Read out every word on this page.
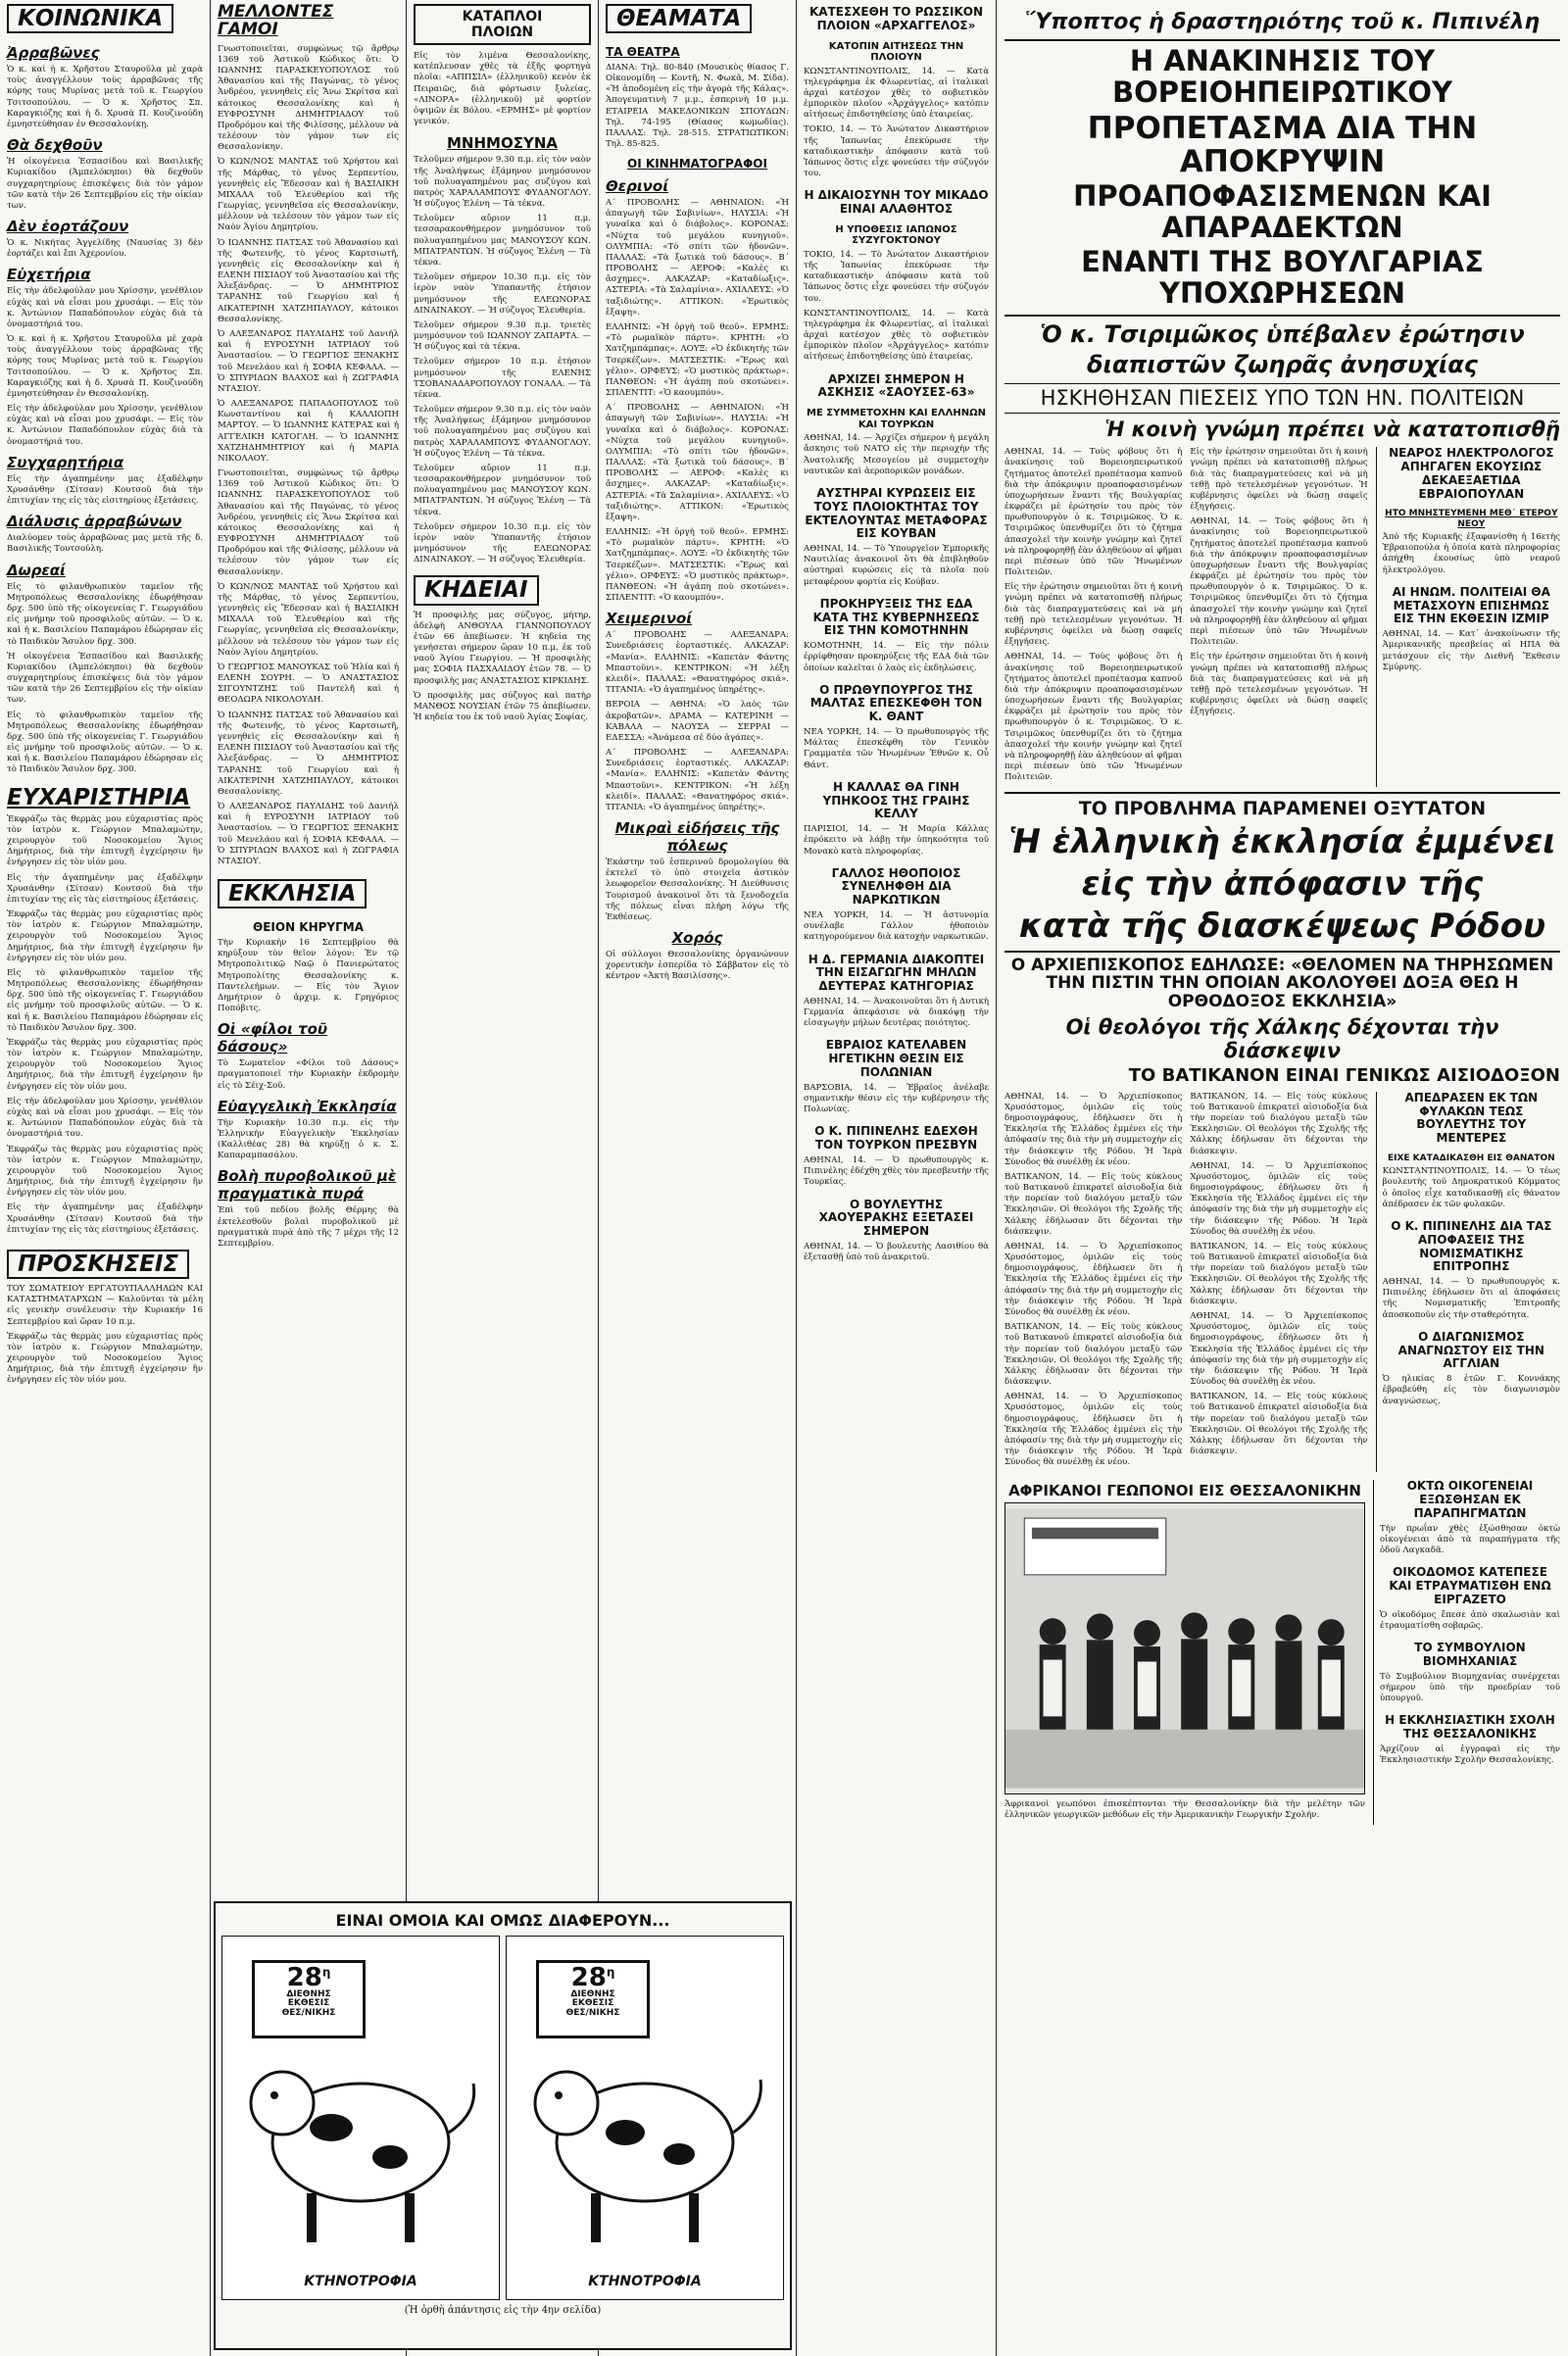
ΚΟΙΝΩΝΙΚΑ
Ἀρραβῶνες

Ὁ κ. καὶ ἡ κ. Χρῆστου Σταυροῦλα μὲ χαρὰ τοὺς ἀναγγέλλουν τοὺς ἀρραβῶνας τῆς κόρης τους Μυρίνας μετὰ τοῦ κ. Γεωργίου Τσιτσοπούλου. — Ὁ κ. Χρῆστος Σπ. Καραγκιόζης καὶ ἡ δ. Χρυσὰ Π. Κουζινούδη ἐμνηστεύθησαν ἐν Θεσσαλονίκῃ.

Θὰ δεχθοῦν

Ἡ οἰκογένεια Ἐσπασίδου καὶ Βασιλικῆς Κυριακίδου (Ἀμπελόκηποι) θὰ δεχθοῦν συγχαρητηρίους ἐπισκέψεις διὰ τὸν γάμον τῶν κατὰ τὴν 26 Σεπτεμβρίου εἰς τὴν οἰκίαν των.

Δὲν ἑορτάζουν

Ὁ κ. Νικήτας Ἀγγελίδης (Ναυσίας 3) δὲν ἑορτάζει καὶ ἔπι Ἀχερονίου.

Εὐχετήρια

Εἰς τὴν ἀδελφούλαν μου Χρίσσην, γενέθλιον εὐχὰς καὶ νὰ εἶσαι μου χρυσάφι. — Εἰς τὸν κ. Ἀντώνιον Παπαδόπουλον εὐχὰς διὰ τὰ ὀνομαστήριά του.

Ὁ κ. καὶ ἡ κ. Χρῆστου Σταυροῦλα μὲ χαρὰ τοὺς ἀναγγέλλουν τοὺς ἀρραβῶνας τῆς κόρης τους Μυρίνας μετὰ τοῦ κ. Γεωργίου Τσιτσοπούλου. — Ὁ κ. Χρῆστος Σπ. Καραγκιόζης καὶ ἡ δ. Χρυσὰ Π. Κουζινούδη ἐμνηστεύθησαν ἐν Θεσσαλονίκῃ.

Εἰς τὴν ἀδελφούλαν μου Χρίσσην, γενέθλιον εὐχὰς καὶ νὰ εἶσαι μου χρυσάφι. — Εἰς τὸν κ. Ἀντώνιον Παπαδόπουλον εὐχὰς διὰ τὰ ὀνομαστήριά του.

Συγχαρητήρια

Εἰς τὴν ἀγαπημένην μας ἐξαδέλφην Χρυσάνθην (Σίτσαν) Κουτσοῦ διὰ τὴν ἐπιτυχίαν της εἰς τὰς εἰσιτηρίους ἐξετάσεις.

Διάλυσις ἀρραβώνων

Διαλύομεν τοὺς ἀρραβῶνας μας μετὰ τῆς δ. Βασιλικῆς Τουτσούλη.

Δωρεαί

Εἰς τὸ φιλανθρωπικὸν ταμεῖον τῆς Μητροπόλεως Θεσσαλονίκης ἐδωρήθησαν δρχ. 500 ὑπὸ τῆς οἰκογενείας Γ. Γεωργιάδου εἰς μνήμην τοῦ προσφιλοῦς αὐτῶν. — Ὁ κ. καὶ ἡ κ. Βασιλείου Παπαμάρου ἐδώρησαν εἰς τὸ Παιδικὸν Ἄσυλον δρχ. 300.

Ἡ οἰκογένεια Ἐσπασίδου καὶ Βασιλικῆς Κυριακίδου (Ἀμπελόκηποι) θὰ δεχθοῦν συγχαρητηρίους ἐπισκέψεις διὰ τὸν γάμον τῶν κατὰ τὴν 26 Σεπτεμβρίου εἰς τὴν οἰκίαν των.

Εἰς τὸ φιλανθρωπικὸν ταμεῖον τῆς Μητροπόλεως Θεσσαλονίκης ἐδωρήθησαν δρχ. 500 ὑπὸ τῆς οἰκογενείας Γ. Γεωργιάδου εἰς μνήμην τοῦ προσφιλοῦς αὐτῶν. — Ὁ κ. καὶ ἡ κ. Βασιλείου Παπαμάρου ἐδώρησαν εἰς τὸ Παιδικὸν Ἄσυλον δρχ. 300.

ΕΥΧΑΡΙΣΤΗΡΙΑ

Ἐκφράζω τὰς θερμὰς μου εὐχαριστίας πρὸς τὸν ἰατρὸν κ. Γεώργιον Μπαλαμώτην, χειρουργὸν τοῦ Νοσοκομείου Ἅγιος Δημήτριος, διὰ τὴν ἐπιτυχῆ ἐγχείρησιν ἣν ἐνήργησεν εἰς τὸν υἱόν μου.

Εἰς τὴν ἀγαπημένην μας ἐξαδέλφην Χρυσάνθην (Σίτσαν) Κουτσοῦ διὰ τὴν ἐπιτυχίαν της εἰς τὰς εἰσιτηρίους ἐξετάσεις.

Ἐκφράζω τὰς θερμὰς μου εὐχαριστίας πρὸς τὸν ἰατρὸν κ. Γεώργιον Μπαλαμώτην, χειρουργὸν τοῦ Νοσοκομείου Ἅγιος Δημήτριος, διὰ τὴν ἐπιτυχῆ ἐγχείρησιν ἣν ἐνήργησεν εἰς τὸν υἱόν μου.

Εἰς τὸ φιλανθρωπικὸν ταμεῖον τῆς Μητροπόλεως Θεσσαλονίκης ἐδωρήθησαν δρχ. 500 ὑπὸ τῆς οἰκογενείας Γ. Γεωργιάδου εἰς μνήμην τοῦ προσφιλοῦς αὐτῶν. — Ὁ κ. καὶ ἡ κ. Βασιλείου Παπαμάρου ἐδώρησαν εἰς τὸ Παιδικὸν Ἄσυλον δρχ. 300.

Ἐκφράζω τὰς θερμὰς μου εὐχαριστίας πρὸς τὸν ἰατρὸν κ. Γεώργιον Μπαλαμώτην, χειρουργὸν τοῦ Νοσοκομείου Ἅγιος Δημήτριος, διὰ τὴν ἐπιτυχῆ ἐγχείρησιν ἣν ἐνήργησεν εἰς τὸν υἱόν μου.

Εἰς τὴν ἀδελφούλαν μου Χρίσσην, γενέθλιον εὐχὰς καὶ νὰ εἶσαι μου χρυσάφι. — Εἰς τὸν κ. Ἀντώνιον Παπαδόπουλον εὐχὰς διὰ τὰ ὀνομαστήριά του.

Ἐκφράζω τὰς θερμὰς μου εὐχαριστίας πρὸς τὸν ἰατρὸν κ. Γεώργιον Μπαλαμώτην, χειρουργὸν τοῦ Νοσοκομείου Ἅγιος Δημήτριος, διὰ τὴν ἐπιτυχῆ ἐγχείρησιν ἣν ἐνήργησεν εἰς τὸν υἱόν μου.

Εἰς τὴν ἀγαπημένην μας ἐξαδέλφην Χρυσάνθην (Σίτσαν) Κουτσοῦ διὰ τὴν ἐπιτυχίαν της εἰς τὰς εἰσιτηρίους ἐξετάσεις.

ΠΡΟΣΚΗΣΕΙΣ

ΤΟΥ ΣΩΜΑΤΕΙΟΥ ΕΡΓΑΤΟΥΠΑΛΛΗΛΩΝ ΚΑΙ ΚΑΤΑΣΤΗΜΑΤΑΡΧΩΝ — Καλοῦνται τὰ μέλη εἰς γενικὴν συνέλευσιν τὴν Κυριακήν 16 Σεπτεμβρίου καὶ ὥραν 10 π.μ.

Ἐκφράζω τὰς θερμὰς μου εὐχαριστίας πρὸς τὸν ἰατρὸν κ. Γεώργιον Μπαλαμώτην, χειρουργὸν τοῦ Νοσοκομείου Ἅγιος Δημήτριος, διὰ τὴν ἐπιτυχῆ ἐγχείρησιν ἣν ἐνήργησεν εἰς τὸν υἱόν μου.

ΜΕΛΛΟΝΤΕΣ ΓΑΜΟΙ

Γνωστοποιεῖται, συμφώνως τῷ ἄρθρῳ 1369 τοῦ Ἀστικοῦ Κώδικος ὅτι: Ὁ ΙΩΑΝΝΗΣ ΠΑΡΑΣΚΕΥΟΠΟΥΛΟΣ τοῦ Ἀθανασίου καὶ τῆς Παγώνας, τὸ γένος Ἀνδρέου, γεννηθεὶς εἰς Ἄνω Σκρίτσα καὶ κάτοικος Θεσσαλονίκης καὶ ἡ ΕΥΦΡΟΣΥΝΗ ΔΗΜΗΤΡΙΑΔΟΥ τοῦ Προδρόμου καὶ τῆς Φιλίσσης, μέλλουν νὰ τελέσουν τὸν γάμον των εἰς Θεσσαλονίκην.

Ὁ ΚΩΝ/ΝΟΣ ΜΑΝΤΑΣ τοῦ Χρήστου καὶ τῆς Μάρθας, τὸ γένος Σερπεντίου, γεννηθεὶς εἰς Ἔδεσσαν καὶ ἡ ΒΑΣΙΛΙΚΗ ΜΙΧΑΛΑ τοῦ Ἐλευθερίου καὶ τῆς Γεωργίας, γεννηθεῖσα εἰς Θεσσαλονίκην, μέλλουν νὰ τελέσουν τὸν γάμον των εἰς Ναὸν Ἁγίου Δημητρίου.

Ὁ ΙΩΑΝΝΗΣ ΠΑΤΣΑΣ τοῦ Ἀθανασίου καὶ τῆς Φωτεινῆς, τὸ γένος Καρτσιωτῆ, γεννηθεὶς εἰς Θεσσαλονίκην καὶ ἡ ΕΛΕΝΗ ΠΙΣΙΔΟΥ τοῦ Ἀναστασίου καὶ τῆς Ἀλεξάνδρας. — Ὁ ΔΗΜΗΤΡΙΟΣ ΤΑΡΑΝΗΣ τοῦ Γεωργίου καὶ ἡ ΑΙΚΑΤΕΡΙΝΗ ΧΑΤΖΗΠΑΥΛΟΥ, κάτοικοι Θεσσαλονίκης.

Ὁ ΑΛΕΞΑΝΔΡΟΣ ΠΑΥΛΙΔΗΣ τοῦ Δανιήλ καὶ ἡ ΕΥΡΟΣΥΝΗ ΙΑΤΡΙΔΟΥ τοῦ Ἀναστασίου. — Ὁ ΓΕΩΡΓΙΟΣ ΞΕΝΑΚΗΣ τοῦ Μενελάου καὶ ἡ ΣΟΦΙΑ ΚΕΦΑΛΑ. — Ὁ ΣΠΥΡΙΔΩΝ ΒΛΑΧΟΣ καὶ ἡ ΖΩΓΡΑΦΙΑ ΝΤΑΣΙΟΥ.

Ὁ ΑΛΕΞΑΝΔΡΟΣ ΠΑΠΑΔΟΠΟΥΛΟΣ τοῦ Κωνσταντίνου καὶ ἡ ΚΑΛΛΙΟΠΗ ΜΑΡΤΟΥ. — Ὁ ΙΩΑΝΝΗΣ ΚΑΤΕΡΑΣ καὶ ἡ ΑΓΓΕΛΙΚΗ ΚΑΤΟΓΛΗ. — Ὁ ΙΩΑΝΝΗΣ ΧΑΤΖΗΔΗΜΗΤΡΙΟΥ καὶ ἡ ΜΑΡΙΑ ΝΙΚΟΛΑΟΥ.

Γνωστοποιεῖται, συμφώνως τῷ ἄρθρῳ 1369 τοῦ Ἀστικοῦ Κώδικος ὅτι: Ὁ ΙΩΑΝΝΗΣ ΠΑΡΑΣΚΕΥΟΠΟΥΛΟΣ τοῦ Ἀθανασίου καὶ τῆς Παγώνας, τὸ γένος Ἀνδρέου, γεννηθεὶς εἰς Ἄνω Σκρίτσα καὶ κάτοικος Θεσσαλονίκης καὶ ἡ ΕΥΦΡΟΣΥΝΗ ΔΗΜΗΤΡΙΑΔΟΥ τοῦ Προδρόμου καὶ τῆς Φιλίσσης, μέλλουν νὰ τελέσουν τὸν γάμον των εἰς Θεσσαλονίκην.

Ὁ ΚΩΝ/ΝΟΣ ΜΑΝΤΑΣ τοῦ Χρήστου καὶ τῆς Μάρθας, τὸ γένος Σερπεντίου, γεννηθεὶς εἰς Ἔδεσσαν καὶ ἡ ΒΑΣΙΛΙΚΗ ΜΙΧΑΛΑ τοῦ Ἐλευθερίου καὶ τῆς Γεωργίας, γεννηθεῖσα εἰς Θεσσαλονίκην, μέλλουν νὰ τελέσουν τὸν γάμον των εἰς Ναὸν Ἁγίου Δημητρίου.

Ὁ ΓΕΩΡΓΙΟΣ ΜΑΝΟΥΚΑΣ τοῦ Ἡλία καὶ ἡ ΕΛΕΝΗ ΣΟΥΡΗ. — Ὁ ΑΝΑΣΤΑΣΙΟΣ ΣΙΓΟΥΝΤΖΗΣ τοῦ Παντελῆ καὶ ἡ ΘΕΟΔΩΡΑ ΝΙΚΟΛΟΥΔΗ.

Ὁ ΙΩΑΝΝΗΣ ΠΑΤΣΑΣ τοῦ Ἀθανασίου καὶ τῆς Φωτεινῆς, τὸ γένος Καρτσιωτῆ, γεννηθεὶς εἰς Θεσσαλονίκην καὶ ἡ ΕΛΕΝΗ ΠΙΣΙΔΟΥ τοῦ Ἀναστασίου καὶ τῆς Ἀλεξάνδρας. — Ὁ ΔΗΜΗΤΡΙΟΣ ΤΑΡΑΝΗΣ τοῦ Γεωργίου καὶ ἡ ΑΙΚΑΤΕΡΙΝΗ ΧΑΤΖΗΠΑΥΛΟΥ, κάτοικοι Θεσσαλονίκης.

Ὁ ΑΛΕΞΑΝΔΡΟΣ ΠΑΥΛΙΔΗΣ τοῦ Δανιήλ καὶ ἡ ΕΥΡΟΣΥΝΗ ΙΑΤΡΙΔΟΥ τοῦ Ἀναστασίου. — Ὁ ΓΕΩΡΓΙΟΣ ΞΕΝΑΚΗΣ τοῦ Μενελάου καὶ ἡ ΣΟΦΙΑ ΚΕΦΑΛΑ. — Ὁ ΣΠΥΡΙΔΩΝ ΒΛΑΧΟΣ καὶ ἡ ΖΩΓΡΑΦΙΑ ΝΤΑΣΙΟΥ.

ΕΚΚΛΗΣΙΑ
ΘΕΙΟΝ ΚΗΡΥΓΜΑ

Τὴν Κυριακὴν 16 Σεπτεμβρίου θὰ κηρύξουν τὸν θεῖον λόγον: Ἐν τῷ Μητροπολιτικῷ Ναῷ ὁ Πανιερώτατος Μητροπολίτης Θεσσαλονίκης κ. Παντελεήμων. — Εἰς τὸν Ἅγιον Δημήτριον ὁ ἀρχιμ. κ. Γρηγόριος Ποπόβιτς.

Οἱ «φίλοι τοῦ δάσους»

Τὸ Σωματεῖον «Φίλοι τοῦ Δάσους» πραγματοποιεῖ τὴν Κυριακὴν ἐκδρομὴν εἰς τὸ Σέιχ-Σοῦ.

Εὐαγγελικὴ Ἐκκλησία

Τὴν Κυριακὴν 10.30 π.μ. εἰς τὴν Ἑλληνικὴν Εὐαγγελικὴν Ἐκκλησίαν (Καλλιθέας 28) θὰ κηρύξῃ ὁ κ. Σ. Καπαραμπασάλου.

Βολὴ πυροβολικοῦ μὲ πραγματικὰ πυρά

Ἐπὶ τοῦ πεδίου βολῆς Θέρμης θὰ ἐκτελεσθοῦν βολαὶ πυροβολικοῦ μὲ πραγματικὰ πυρὰ ἀπὸ τῆς 7 μέχρι τῆς 12 Σεπτεμβρίου.

ΚΑΤΑΠΛΟΙ
ΠΛΟΙΩΝ

Εἰς τὸν λιμένα Θεσσαλονίκης, κατέπλευσαν χθὲς τὰ ἑξῆς φορτηγὰ πλοῖα: «ΑΠΠΣΙΛ» (ἑλληνικοῦ) κενὸν ἐκ Πειραιῶς, διὰ φόρτωσιν ξυλείας. «ΛΙΝΟΡΑ» (ἑλληνικοῦ) μὲ φορτίον ὀψιμῶν ἐκ Βόλου. «ΕΡΜΗΣ» μὲ φορτίον γενικόν.

ΜΝΗΜΟΣΥΝΑ

Τελοῦμεν σήμερον 9.30 π.μ. εἰς τὸν ναὸν τῆς Ἀναλήψεως ἐξάμηνον μνημόσυνον τοῦ πολυαγαπημένου μας συζύγου καὶ πατρὸς ΧΑΡΑΛΑΜΠΟΥΣ ΦΥΔΑΝΟΓΛΟΥ. Ἡ σύζυγος Ἑλένη — Τὰ τέκνα.

Τελοῦμεν αὔριον 11 π.μ. τεσσαρακονθήμερον μνημόσυνον τοῦ πολυαγαπημένου μας ΜΑΝΟΥΣΟΥ ΚΩΝ. ΜΠΑΤΡΑΝΤΩΝ. Ἡ σύζυγος Ἑλένη — Τὰ τέκνα.

Τελοῦμεν σήμερον 10.30 π.μ. εἰς τὸν ἱερὸν ναὸν Ὑπαπαντῆς ἐτήσιον μνημόσυνον τῆς ΕΛΕΩΝΟΡΑΣ ΔΙΝΑΙΝΑΚΟΥ. — Ἡ σύζυγος Ἐλευθερία.

Τελοῦμεν σήμερον 9.30 π.μ. τριετὲς μνημόσυνον τοῦ ΙΩΑΝΝΟΥ ΖΑΠΑΡΤΑ. — Ἡ σύζυγος καὶ τὰ τέκνα.

Τελοῦμεν σήμερον 10 π.μ. ἐτήσιον μνημόσυνον τῆς ΕΛΕΝΗΣ ΤΣΟΒΑΝΑΔΑΡΟΠΟΥΛΟΥ ΓΟΝΑΛΑ. — Τὰ τέκνα.

Τελοῦμεν σήμερον 9.30 π.μ. εἰς τὸν ναὸν τῆς Ἀναλήψεως ἐξάμηνον μνημόσυνον τοῦ πολυαγαπημένου μας συζύγου καὶ πατρὸς ΧΑΡΑΛΑΜΠΟΥΣ ΦΥΔΑΝΟΓΛΟΥ. Ἡ σύζυγος Ἑλένη — Τὰ τέκνα.

Τελοῦμεν αὔριον 11 π.μ. τεσσαρακονθήμερον μνημόσυνον τοῦ πολυαγαπημένου μας ΜΑΝΟΥΣΟΥ ΚΩΝ. ΜΠΑΤΡΑΝΤΩΝ. Ἡ σύζυγος Ἑλένη — Τὰ τέκνα.

Τελοῦμεν σήμερον 10.30 π.μ. εἰς τὸν ἱερὸν ναὸν Ὑπαπαντῆς ἐτήσιον μνημόσυνον τῆς ΕΛΕΩΝΟΡΑΣ ΔΙΝΑΙΝΑΚΟΥ. — Ἡ σύζυγος Ἐλευθερία.

ΚΗΔΕΙΑΙ

Ἡ προσφιλὴς μας σύζυγος, μήτηρ, ἀδελφὴ ΑΝΘΟΥΛΑ ΓΙΑΝΝΟΠΟΥΛΟΥ ἐτῶν 66 ἀπεβίωσεν. Ἡ κηδεία της γενήσεται σήμερον ὥραν 10 π.μ. ἐκ τοῦ ναοῦ Ἁγίου Γεωργίου. — Ἡ προσφιλὴς μας ΣΟΦΙΑ ΠΑΣΧΑΛΙΔΟΥ ἐτῶν 78. — Ὁ προσφιλὴς μας ΑΝΑΣΤΑΣΙΟΣ ΚΙΡΚΙΔΗΣ.

Ὁ προσφιλὴς μας σύζυγος καὶ πατὴρ ΜΑΝΘΟΣ ΝΟΥΣΙΑΝ ἐτῶν 75 ἀπεβίωσεν. Ἡ κηδεία του ἐκ τοῦ ναοῦ Ἁγίας Σοφίας.

ΘΕΑΜΑΤΑ
ΤΑ ΘΕΑΤΡΑ

ΔΙΑΝΑ: Τηλ. 80-840 (Μουσικὸς θίασος Γ. Οἰκονομίδη — Κοντῆ, Ν. Φωκᾶ, Μ. Σίδα). «Ἡ ἀποδομένη εἰς τὴν ἀγορὰ τῆς Κάλας». Ἀπογευματινὴ 7 μ.μ., ἑσπερινὴ 10 μ.μ. ΕΤΑΙΡΕΙΑ ΜΑΚΕΔΟΝΙΚΩΝ ΣΠΟΥΔΩΝ: Τηλ. 74-195 (Θίασος κωμωδίας). ΠΑΛΛΑΣ: Τηλ. 28-515. ΣΤΡΑΤΙΩΤΙΚΟΝ: Τηλ. 85-825.

ΟΙ ΚΙΝΗΜΑΤΟΓΡΑΦΟΙ
Θερινοί

Α΄ ΠΡΟΒΟΛΗΣ — ΑΘΗΝΑΙΟΝ: «Ἡ ἀπαγωγὴ τῶν Σαβινίων». ΗΛΥΣΙΑ: «Ἡ γυναῖκα καὶ ὁ διάβολος». ΚΟΡΟΝΑΣ: «Νύχτα τοῦ μεγάλου κυνηγιοῦ». ΟΛΥΜΠΙΑ: «Τὸ σπίτι τῶν ἠδονῶν». ΠΑΛΛΑΣ: «Τὰ ξωτικὰ τοῦ δάσους». Β΄ ΠΡΟΒΟΛΗΣ — ΑΕΡΟΦ: «Καλὲς κι ἄσχημες». ΑΛΚΑΖΑΡ: «Καταδίωξις». ΑΣΤΕΡΙΑ: «Τὰ Σαλαμίνια». ΑΧΙΛΛΕΥΣ: «Ὁ ταξιδιώτης». ΑΤΤΙΚΟΝ: «Ἐρωτικὸς ἔξαψη».

ΕΛΛΗΝΙΣ: «Ἡ ὀργὴ τοῦ θεοῦ». ΕΡΜΗΣ: «Τὸ ρωμαϊκὸν πάρτυ». ΚΡΗΤΗ: «Ὁ Χατζημπάμπας». ΛΟΥΞ: «Ὁ ἐκδικητὴς τῶν Τσερκέζων». ΜΑΤΣΕΣΤΙΚ: «Ἔρως καὶ γέλιο». ΟΡΦΕΥΣ: «Ὁ μυστικὸς πράκτωρ». ΠΑΝΘΕΟΝ: «Ἡ ἀγάπη ποὺ σκοτώνει». ΣΠΛΕΝΤΙΤ: «Ὁ καουμπόυ».

Α΄ ΠΡΟΒΟΛΗΣ — ΑΘΗΝΑΙΟΝ: «Ἡ ἀπαγωγὴ τῶν Σαβινίων». ΗΛΥΣΙΑ: «Ἡ γυναῖκα καὶ ὁ διάβολος». ΚΟΡΟΝΑΣ: «Νύχτα τοῦ μεγάλου κυνηγιοῦ». ΟΛΥΜΠΙΑ: «Τὸ σπίτι τῶν ἠδονῶν». ΠΑΛΛΑΣ: «Τὰ ξωτικὰ τοῦ δάσους». Β΄ ΠΡΟΒΟΛΗΣ — ΑΕΡΟΦ: «Καλὲς κι ἄσχημες». ΑΛΚΑΖΑΡ: «Καταδίωξις». ΑΣΤΕΡΙΑ: «Τὰ Σαλαμίνια». ΑΧΙΛΛΕΥΣ: «Ὁ ταξιδιώτης». ΑΤΤΙΚΟΝ: «Ἐρωτικὸς ἔξαψη».

ΕΛΛΗΝΙΣ: «Ἡ ὀργὴ τοῦ θεοῦ». ΕΡΜΗΣ: «Τὸ ρωμαϊκὸν πάρτυ». ΚΡΗΤΗ: «Ὁ Χατζημπάμπας». ΛΟΥΞ: «Ὁ ἐκδικητὴς τῶν Τσερκέζων». ΜΑΤΣΕΣΤΙΚ: «Ἔρως καὶ γέλιο». ΟΡΦΕΥΣ: «Ὁ μυστικὸς πράκτωρ». ΠΑΝΘΕΟΝ: «Ἡ ἀγάπη ποὺ σκοτώνει». ΣΠΛΕΝΤΙΤ: «Ὁ καουμπόυ».

Χειμερινοί

Α΄ ΠΡΟΒΟΛΗΣ — ΑΛΕΞΑΝΔΡΑ: Συνεδριάσεις ἑορταστικές. ΑΛΚΑΖΑΡ: «Μανία». ΕΛΛΗΝΙΣ: «Καπετὰν Φάντης Μπαστοῦνι». ΚΕΝΤΡΙΚΟΝ: «Ἡ λέξη κλειδί». ΠΑΛΛΑΣ: «Θανατηφόρος σκιά». ΤΙΤΑΝΙΑ: «Ὁ ἀγαπημένος ὑπηρέτης».

ΒΕΡΟΙΑ — ΑΘΗΝΑ: «Ὁ λαὸς τῶν ἀκροβατῶν». ΔΡΑΜΑ — ΚΑΤΕΡΙΝΗ — ΚΑΒΑΛΑ — ΝΑΟΥΣΑ — ΣΕΡΡΑΙ — ΕΔΕΣΣΑ: «Ἀνάμεσα σὲ δύο ἀγάπες».

Α΄ ΠΡΟΒΟΛΗΣ — ΑΛΕΞΑΝΔΡΑ: Συνεδριάσεις ἑορταστικές. ΑΛΚΑΖΑΡ: «Μανία». ΕΛΛΗΝΙΣ: «Καπετὰν Φάντης Μπαστοῦνι». ΚΕΝΤΡΙΚΟΝ: «Ἡ λέξη κλειδί». ΠΑΛΛΑΣ: «Θανατηφόρος σκιά». ΤΙΤΑΝΙΑ: «Ὁ ἀγαπημένος ὑπηρέτης».

Μικραὶ εἰδήσεις τῆς πόλεως

Ἐκάστην τοῦ ἑσπερινοῦ δρομολογίου θὰ ἐκτελεῖ τὸ ὑπὸ στοιχεῖα ἀστικὸν λεωφορεῖον Θεσσαλονίκης. Ἡ Διεύθυνσις Τουρισμοῦ ἀνακοινοῖ ὅτι τὰ ξενοδοχεῖα τῆς πόλεως εἶναι πλήρη λόγω τῆς Ἐκθέσεως.

Χορός

Οἱ σύλλογοι Θεσσαλονίκης ὀργανώνουν χορευτικὴν ἑσπερίδα τὸ Σάββατον εἰς τὸ κέντρον «Ἀκτὴ Βασιλίσσης».

ΕΙΝΑΙ ΟΜΟΙΑ ΚΑΙ ΟΜΩΣ ΔΙΑΦΕΡΟΥΝ...
$28^\eta$
ΔΙΕΘΝΗΣ
ΕΚΘΕΣΙΣ
ΘΕΣ/ΝΙΚΗΣ
ΚΤΗΝΟΤΡΟΦΙΑ
$28^\eta$
ΔΙΕΘΝΗΣ
ΕΚΘΕΣΙΣ
ΘΕΣ/ΝΙΚΗΣ
ΚΤΗΝΟΤΡΟΦΙΑ
(Ἡ ὀρθὴ ἀπάντησις εἰς τὴν 4ην σελίδα)
ΚΑΤΕΣΧΕΘΗ ΤΟ ΡΩΣΣΙΚΟΝ ΠΛΟΙΟΝ «ΑΡΧΑΓΓΕΛΟΣ»
ΚΑΤΟΠΙΝ ΑΙΤΗΣΕΩΣ ΤΗΝ ΠΛΟΙΟΥΝ

ΚΩΝΣΤΑΝΤΙΝΟΥΠΟΛΙΣ, 14. — Κατὰ τηλεγράφημα ἐκ Φλωρεντίας, αἱ ἰταλικαὶ ἀρχαὶ κατέσχον χθὲς τὸ σοβιετικὸν ἐμπορικὸν πλοῖον «Ἀρχάγγελος» κατόπιν αἰτήσεως ἐπιδοτηθείσης ὑπὸ ἑταιρείας.

ΤΟΚΙΟ, 14. — Τὸ Ἀνώτατον Δικαστήριον τῆς Ἰαπωνίας ἐπεκύρωσε τὴν καταδικαστικὴν ἀπόφασιν κατὰ τοῦ Ἰάπωνος ὅστις εἶχε φονεύσει τὴν σύζυγόν του.

Η ΔΙΚΑΙΟΣΥΝΗ ΤΟΥ ΜΙΚΑΔΟ ΕΙΝΑΙ ΑΛΑΘΗΤΟΣ
Η ΥΠΟΘΕΣΙΣ ΙΑΠΩΝΟΣ ΣΥΖΥΓΟΚΤΟΝΟΥ

ΤΟΚΙΟ, 14. — Τὸ Ἀνώτατον Δικαστήριον τῆς Ἰαπωνίας ἐπεκύρωσε τὴν καταδικαστικὴν ἀπόφασιν κατὰ τοῦ Ἰάπωνος ὅστις εἶχε φονεύσει τὴν σύζυγόν του.

ΚΩΝΣΤΑΝΤΙΝΟΥΠΟΛΙΣ, 14. — Κατὰ τηλεγράφημα ἐκ Φλωρεντίας, αἱ ἰταλικαὶ ἀρχαὶ κατέσχον χθὲς τὸ σοβιετικὸν ἐμπορικὸν πλοῖον «Ἀρχάγγελος» κατόπιν αἰτήσεως ἐπιδοτηθείσης ὑπὸ ἑταιρείας.

ΑΡΧΙΖΕΙ ΣΗΜΕΡΟΝ Η ΑΣΚΗΣΙΣ «ΣΑΟΥΣΕΣ-63»
ΜΕ ΣΥΜΜΕΤΟΧΗΝ ΚΑΙ ΕΛΛΗΝΩΝ ΚΑΙ ΤΟΥΡΚΩΝ

ΑΘΗΝΑΙ, 14. — Ἀρχίζει σήμερον ἡ μεγάλη ἄσκησις τοῦ ΝΑΤΟ εἰς τὴν περιοχὴν τῆς Ἀνατολικῆς Μεσογείου μὲ συμμετοχὴν ναυτικῶν καὶ ἀεροπορικῶν μονάδων.

ΑΥΣΤΗΡΑΙ ΚΥΡΩΣΕΙΣ ΕΙΣ ΤΟΥΣ ΠΛΟΙΟΚΤΗΤΑΣ ΤΟΥ ΕΚΤΕΛΟΥΝΤΑΣ ΜΕΤΑΦΟΡΑΣ ΕΙΣ ΚΟΥΒΑΝ

ΑΘΗΝΑΙ, 14. — Τὸ Ὑπουργεῖον Ἐμπορικῆς Ναυτιλίας ἀνακοινοῖ ὅτι θὰ ἐπιβληθοῦν αὐστηραὶ κυρώσεις εἰς τὰ πλοῖα ποὺ μεταφέρουν φορτία εἰς Κούβαν.

ΠΡΟΚΗΡΥΞΕΙΣ ΤΗΣ ΕΔΑ ΚΑΤΑ ΤΗΣ ΚΥΒΕΡΝΗΣΕΩΣ ΕΙΣ ΤΗΝ ΚΟΜΟΤΗΝΗΝ

ΚΟΜΟΤΗΝΗ, 14. — Εἰς τὴν πόλιν ἐρρίφθησαν προκηρύξεις τῆς ΕΔΑ διὰ τῶν ὁποίων καλεῖται ὁ λαὸς εἰς ἐκδηλώσεις.

Ο ΠΡΩΘΥΠΟΥΡΓΟΣ ΤΗΣ ΜΑΛΤΑΣ ΕΠΕΣΚΕΦΘΗ ΤΟΝ Κ. ΘΑΝΤ

ΝΕΑ ΥΟΡΚΗ, 14. — Ὁ πρωθυπουργὸς τῆς Μάλτας ἐπεσκέφθη τὸν Γενικὸν Γραμματέα τῶν Ἡνωμένων Ἐθνῶν κ. Οὖ Θάντ.

Η ΚΑΛΛΑΣ ΘΑ ΓΙΝΗ ΥΠΗΚΟΟΣ ΤΗΣ ΓΡΑΙΗΣ ΚΕΛΛΥ

ΠΑΡΙΣΙΟΙ, 14. — Ἡ Μαρία Κάλλας ἐπρόκειτο νὰ λάβῃ τὴν ὑπηκοότητα τοῦ Μονακὸ κατὰ πληροφορίας.

ΓΑΛΛΟΣ ΗΘΟΠΟΙΟΣ ΣΥΝΕΛΗΦΘΗ ΔΙΑ ΝΑΡΚΩΤΙΚΩΝ

ΝΕΑ ΥΟΡΚΗ, 14. — Ἡ ἀστυνομία συνέλαβε Γάλλον ἠθοποιὸν κατηγορούμενον διὰ κατοχὴν ναρκωτικῶν.

Η Δ. ΓΕΡΜΑΝΙΑ ΔΙΑΚΟΠΤΕΙ ΤΗΝ ΕΙΣΑΓΩΓΗΝ ΜΗΛΩΝ ΔΕΥΤΕΡΑΣ ΚΑΤΗΓΟΡΙΑΣ

ΑΘΗΝΑΙ, 14. — Ἀνακοινοῦται ὅτι ἡ Δυτικὴ Γερμανία ἀπεφάσισε νὰ διακόψῃ τὴν εἰσαγωγὴν μήλων δευτέρας ποιότητος.

ΕΒΡΑΙΟΣ ΚΑΤΕΛΑΒΕΝ ΗΓΕΤΙΚΗΝ ΘΕΣΙΝ ΕΙΣ ΠΟΛΩΝΙΑΝ

ΒΑΡΣΟΒΙΑ, 14. — Ἐβραῖος ἀνέλαβε σημαντικὴν θέσιν εἰς τὴν κυβέρνησιν τῆς Πολωνίας.

Ο Κ. ΠΙΠΙΝΕΛΗΣ ΕΔΕΧΘΗ ΤΟΝ ΤΟΥΡΚΟΝ ΠΡΕΣΒΥΝ

ΑΘΗΝΑΙ, 14. — Ὁ πρωθυπουργὸς κ. Πιπινέλης ἐδέχθη χθὲς τὸν πρεσβευτὴν τῆς Τουρκίας.

Ο ΒΟΥΛΕΥΤΗΣ ΧΑΟΥΕΡΑΚΗΣ ΕΞΕΤΑΣΕΙ ΣΗΜΕΡΟΝ

ΑΘΗΝΑΙ, 14. — Ὁ βουλευτὴς Λασιθίου θὰ ἐξετασθῇ ὑπὸ τοῦ ἀνακριτοῦ.

Ὕποπτος ἡ δραστηριότης τοῦ κ. Πιπινέλη
Η ΑΝΑΚΙΝΗΣΙΣ ΤΟΥ ΒΟΡΕΙΟΗΠΕΙΡΩΤΙΚΟΥ
ΠΡΟΠΕΤΑΣΜΑ ΔΙΑ ΤΗΝ ΑΠΟΚΡΥΨΙΝ
ΠΡΟΑΠΟΦΑΣΙΣΜΕΝΩΝ ΚΑΙ ΑΠΑΡΑΔΕΚΤΩΝ
ΕΝΑΝΤΙ ΤΗΣ ΒΟΥΛΓΑΡΙΑΣ ΥΠΟΧΩΡΗΣΕΩΝ
Ὁ κ. Τσιριμῶκος ὑπέβαλεν ἐρώτησιν
διαπιστῶν ζωηρᾶς ἀνησυχίας
ΗΣΚΗΘΗΣΑΝ ΠΙΕΣΕΙΣ ΥΠΟ ΤΩΝ ΗΝ. ΠΟΛΙΤΕΙΩΝ
Ἡ κοινὴ γνώμη πρέπει νὰ κατατοπισθῇ

ΑΘΗΝΑΙ, 14. — Τοὺς φόβους ὅτι ἡ ἀνακίνησις τοῦ Βορειοηπειρωτικοῦ ζητήματος ἀποτελεῖ προπέτασμα καπνοῦ διὰ τὴν ἀπόκρυψιν προαποφασισμένων ὑποχωρήσεων ἔναντι τῆς Βουλγαρίας ἐκφράζει μὲ ἐρώτησίν του πρὸς τὸν πρωθυπουργὸν ὁ κ. Τσιριμῶκος. Ὁ κ. Τσιριμῶκος ὑπενθυμίζει ὅτι τὸ ζήτημα ἀπασχολεῖ τὴν κοινὴν γνώμην καὶ ζητεῖ νὰ πληροφορηθῇ ἐὰν ἀληθεύουν αἱ φῆμαι περὶ πιέσεων ὑπὸ τῶν Ἡνωμένων Πολιτειῶν.

Εἰς τὴν ἐρώτησιν σημειοῦται ὅτι ἡ κοινὴ γνώμη πρέπει νὰ κατατοπισθῇ πλήρως διὰ τὰς διαπραγματεύσεις καὶ νὰ μὴ τεθῇ πρὸ τετελεσμένων γεγονότων. Ἡ κυβέρνησις ὀφείλει νὰ δώσῃ σαφεῖς ἐξηγήσεις.

ΑΘΗΝΑΙ, 14. — Τοὺς φόβους ὅτι ἡ ἀνακίνησις τοῦ Βορειοηπειρωτικοῦ ζητήματος ἀποτελεῖ προπέτασμα καπνοῦ διὰ τὴν ἀπόκρυψιν προαποφασισμένων ὑποχωρήσεων ἔναντι τῆς Βουλγαρίας ἐκφράζει μὲ ἐρώτησίν του πρὸς τὸν πρωθυπουργὸν ὁ κ. Τσιριμῶκος. Ὁ κ. Τσιριμῶκος ὑπενθυμίζει ὅτι τὸ ζήτημα ἀπασχολεῖ τὴν κοινὴν γνώμην καὶ ζητεῖ νὰ πληροφορηθῇ ἐὰν ἀληθεύουν αἱ φῆμαι περὶ πιέσεων ὑπὸ τῶν Ἡνωμένων Πολιτειῶν.

Εἰς τὴν ἐρώτησιν σημειοῦται ὅτι ἡ κοινὴ γνώμη πρέπει νὰ κατατοπισθῇ πλήρως διὰ τὰς διαπραγματεύσεις καὶ νὰ μὴ τεθῇ πρὸ τετελεσμένων γεγονότων. Ἡ κυβέρνησις ὀφείλει νὰ δώσῃ σαφεῖς ἐξηγήσεις.

ΑΘΗΝΑΙ, 14. — Τοὺς φόβους ὅτι ἡ ἀνακίνησις τοῦ Βορειοηπειρωτικοῦ ζητήματος ἀποτελεῖ προπέτασμα καπνοῦ διὰ τὴν ἀπόκρυψιν προαποφασισμένων ὑποχωρήσεων ἔναντι τῆς Βουλγαρίας ἐκφράζει μὲ ἐρώτησίν του πρὸς τὸν πρωθυπουργὸν ὁ κ. Τσιριμῶκος. Ὁ κ. Τσιριμῶκος ὑπενθυμίζει ὅτι τὸ ζήτημα ἀπασχολεῖ τὴν κοινὴν γνώμην καὶ ζητεῖ νὰ πληροφορηθῇ ἐὰν ἀληθεύουν αἱ φῆμαι περὶ πιέσεων ὑπὸ τῶν Ἡνωμένων Πολιτειῶν.

Εἰς τὴν ἐρώτησιν σημειοῦται ὅτι ἡ κοινὴ γνώμη πρέπει νὰ κατατοπισθῇ πλήρως διὰ τὰς διαπραγματεύσεις καὶ νὰ μὴ τεθῇ πρὸ τετελεσμένων γεγονότων. Ἡ κυβέρνησις ὀφείλει νὰ δώσῃ σαφεῖς ἐξηγήσεις.

ΝΕΑΡΟΣ ΗΛΕΚΤΡΟΛΟΓΟΣ ΑΠΗΓΑΓΕΝ ΕΚΟΥΣΙΩΣ ΔΕΚΑΕΞΑΕΤΙΔΑ ΕΒΡΑΙΟΠΟΥΛΑΝ
ΗΤΟ ΜΝΗΣΤΕΥΜΕΝΗ ΜΕΘ᾽ ΕΤΕΡΟΥ ΝΕΟΥ

Ἀπὸ τῆς Κυριακῆς ἐξαφανίσθη ἡ 16ετὴς Ἑβραιοπούλα ἡ ὁποία κατὰ πληροφορίας ἀπήχθη ἑκουσίως ὑπὸ νεαροῦ ἠλεκτρολόγου.

ΑΙ ΗΝΩΜ. ΠΟΛΙΤΕΙΑΙ ΘΑ ΜΕΤΑΣΧΟΥΝ ΕΠΙΣΗΜΩΣ ΕΙΣ ΤΗΝ ΕΚΘΕΣΙΝ ΙΖΜΙΡ

ΑΘΗΝΑΙ, 14. — Κατ᾽ ἀνακοίνωσιν τῆς Ἀμερικανικῆς πρεσβείας αἱ ΗΠΑ θὰ μετάσχουν εἰς τὴν Διεθνῆ Ἔκθεσιν Σμύρνης.

ΤΟ ΠΡΟΒΛΗΜΑ ΠΑΡΑΜΕΝΕΙ ΟΞΥΤΑΤΟΝ
Ἡ ἑλληνικὴ ἐκκλησία ἐμμένει
εἰς τὴν ἀπόφασιν τῆς
κατὰ τῆς διασκέψεως Ρόδου
Ο ΑΡΧΙΕΠΙΣΚΟΠΟΣ ΕΔΗΛΩΣΕ: «ΘΕΛΟΜΕΝ ΝΑ ΤΗΡΗΣΩΜΕΝ ΤΗΝ ΠΙΣΤΙΝ ΤΗΝ ΟΠΟΙΑΝ ΑΚΟΛΟΥΘΕΙ ΔΟΞΑ ΘΕΩ Η ΟΡΘΟΔΟΞΟΣ ΕΚΚΛΗΣΙΑ»
Οἱ θεολόγοι τῆς Χάλκης δέχονται τὴν διάσκεψιν
ΤΟ ΒΑΤΙΚΑΝΟΝ ΕΙΝΑΙ ΓΕΝΙΚΩΣ ΑΙΣΙΟΔΟΞΟΝ

ΑΘΗΝΑΙ, 14. — Ὁ Ἀρχιεπίσκοπος Χρυσόστομος, ὁμιλῶν εἰς τοὺς δημοσιογράφους, ἐδήλωσεν ὅτι ἡ Ἐκκλησία τῆς Ἑλλάδος ἐμμένει εἰς τὴν ἀπόφασίν της διὰ τὴν μὴ συμμετοχὴν εἰς τὴν διάσκεψιν τῆς Ρόδου. Ἡ Ἱερὰ Σύνοδος θὰ συνέλθῃ ἐκ νέου.

ΒΑΤΙΚΑΝΟΝ, 14. — Εἰς τοὺς κύκλους τοῦ Βατικανοῦ ἐπικρατεῖ αἰσιοδοξία διὰ τὴν πορείαν τοῦ διαλόγου μεταξὺ τῶν Ἐκκλησιῶν. Οἱ θεολόγοι τῆς Σχολῆς τῆς Χάλκης ἐδήλωσαν ὅτι δέχονται τὴν διάσκεψιν.

ΑΘΗΝΑΙ, 14. — Ὁ Ἀρχιεπίσκοπος Χρυσόστομος, ὁμιλῶν εἰς τοὺς δημοσιογράφους, ἐδήλωσεν ὅτι ἡ Ἐκκλησία τῆς Ἑλλάδος ἐμμένει εἰς τὴν ἀπόφασίν της διὰ τὴν μὴ συμμετοχὴν εἰς τὴν διάσκεψιν τῆς Ρόδου. Ἡ Ἱερὰ Σύνοδος θὰ συνέλθῃ ἐκ νέου.

ΒΑΤΙΚΑΝΟΝ, 14. — Εἰς τοὺς κύκλους τοῦ Βατικανοῦ ἐπικρατεῖ αἰσιοδοξία διὰ τὴν πορείαν τοῦ διαλόγου μεταξὺ τῶν Ἐκκλησιῶν. Οἱ θεολόγοι τῆς Σχολῆς τῆς Χάλκης ἐδήλωσαν ὅτι δέχονται τὴν διάσκεψιν.

ΑΘΗΝΑΙ, 14. — Ὁ Ἀρχιεπίσκοπος Χρυσόστομος, ὁμιλῶν εἰς τοὺς δημοσιογράφους, ἐδήλωσεν ὅτι ἡ Ἐκκλησία τῆς Ἑλλάδος ἐμμένει εἰς τὴν ἀπόφασίν της διὰ τὴν μὴ συμμετοχὴν εἰς τὴν διάσκεψιν τῆς Ρόδου. Ἡ Ἱερὰ Σύνοδος θὰ συνέλθῃ ἐκ νέου.

ΒΑΤΙΚΑΝΟΝ, 14. — Εἰς τοὺς κύκλους τοῦ Βατικανοῦ ἐπικρατεῖ αἰσιοδοξία διὰ τὴν πορείαν τοῦ διαλόγου μεταξὺ τῶν Ἐκκλησιῶν. Οἱ θεολόγοι τῆς Σχολῆς τῆς Χάλκης ἐδήλωσαν ὅτι δέχονται τὴν διάσκεψιν.

ΑΘΗΝΑΙ, 14. — Ὁ Ἀρχιεπίσκοπος Χρυσόστομος, ὁμιλῶν εἰς τοὺς δημοσιογράφους, ἐδήλωσεν ὅτι ἡ Ἐκκλησία τῆς Ἑλλάδος ἐμμένει εἰς τὴν ἀπόφασίν της διὰ τὴν μὴ συμμετοχὴν εἰς τὴν διάσκεψιν τῆς Ρόδου. Ἡ Ἱερὰ Σύνοδος θὰ συνέλθῃ ἐκ νέου.

ΒΑΤΙΚΑΝΟΝ, 14. — Εἰς τοὺς κύκλους τοῦ Βατικανοῦ ἐπικρατεῖ αἰσιοδοξία διὰ τὴν πορείαν τοῦ διαλόγου μεταξὺ τῶν Ἐκκλησιῶν. Οἱ θεολόγοι τῆς Σχολῆς τῆς Χάλκης ἐδήλωσαν ὅτι δέχονται τὴν διάσκεψιν.

ΑΘΗΝΑΙ, 14. — Ὁ Ἀρχιεπίσκοπος Χρυσόστομος, ὁμιλῶν εἰς τοὺς δημοσιογράφους, ἐδήλωσεν ὅτι ἡ Ἐκκλησία τῆς Ἑλλάδος ἐμμένει εἰς τὴν ἀπόφασίν της διὰ τὴν μὴ συμμετοχὴν εἰς τὴν διάσκεψιν τῆς Ρόδου. Ἡ Ἱερὰ Σύνοδος θὰ συνέλθῃ ἐκ νέου.

ΒΑΤΙΚΑΝΟΝ, 14. — Εἰς τοὺς κύκλους τοῦ Βατικανοῦ ἐπικρατεῖ αἰσιοδοξία διὰ τὴν πορείαν τοῦ διαλόγου μεταξὺ τῶν Ἐκκλησιῶν. Οἱ θεολόγοι τῆς Σχολῆς τῆς Χάλκης ἐδήλωσαν ὅτι δέχονται τὴν διάσκεψιν.

ΑΠΕΔΡΑΣΕΝ ΕΚ ΤΩΝ ΦΥΛΑΚΩΝ ΤΕΩΣ ΒΟΥΛΕΥΤΗΣ ΤΟΥ ΜΕΝΤΕΡΕΣ
ΕΙΧΕ ΚΑΤΑΔΙΚΑΣΘΗ ΕΙΣ ΘΑΝΑΤΟΝ

ΚΩΝΣΤΑΝΤΙΝΟΥΠΟΛΙΣ, 14. — Ὁ τέως βουλευτὴς τοῦ Δημοκρατικοῦ Κόμματος ὁ ὁποῖος εἶχε καταδικασθῇ εἰς θάνατον ἀπέδρασεν ἐκ τῶν φυλακῶν.

Ο Κ. ΠΙΠΙΝΕΛΗΣ ΔΙΑ ΤΑΣ ΑΠΟΦΑΣΕΙΣ ΤΗΣ ΝΟΜΙΣΜΑΤΙΚΗΣ ΕΠΙΤΡΟΠΗΣ

ΑΘΗΝΑΙ, 14. — Ὁ πρωθυπουργὸς κ. Πιπινέλης ἐδήλωσεν ὅτι αἱ ἀποφάσεις τῆς Νομισματικῆς Ἐπιτροπῆς ἀποσκοποῦν εἰς τὴν σταθερότητα.

Ο ΔΙΑΓΩΝΙΣΜΟΣ ΑΝΑΓΝΩΣΤΟΥ ΕΙΣ ΤΗΝ ΑΓΓΛΙΑΝ

Ὁ ηλικίας 8 ἐτῶν Γ. Κοννάκης ἐβραβεύθη εἰς τὸν διαγωνισμὸν ἀναγνώσεως.

ΑΦΡΙΚΑΝΟΙ ΓΕΩΠΟΝΟΙ ΕΙΣ ΘΕΣΣΑΛΟΝΙΚΗΝ

Ἀφρικανοὶ γεωπόνοι ἐπισκέπτονται τὴν Θεσσαλονίκην διὰ τὴν μελέτην τῶν ἑλληνικῶν γεωργικῶν μεθόδων εἰς τὴν Ἀμερικανικὴν Γεωργικὴν Σχολήν.

ΟΚΤΩ ΟΙΚΟΓΕΝΕΙΑΙ ΕΞΩΣΘΗΣΑΝ ΕΚ ΠΑΡΑΠΗΓΜΑΤΩΝ

Τὴν πρωΐαν χθὲς ἐξώσθησαν ὀκτὼ οἰκογένειαι ἀπὸ τὰ παραπήγματα τῆς ὁδοῦ Λαγκαδᾶ.

ΟΙΚΟΔΟΜΟΣ ΚΑΤΕΠΕΣΕ ΚΑΙ ΕΤΡΑΥΜΑΤΙΣΘΗ ΕΝΩ ΕΙΡΓΑΖΕΤΟ

Ὁ οἰκοδόμος ἔπεσε ἀπὸ σκαλωσιὰν καὶ ἐτραυματίσθη σοβαρῶς.

ΤΟ ΣΥΜΒΟΥΛΙΟΝ ΒΙΟΜΗΧΑΝΙΑΣ

Τὸ Συμβούλιον Βιομηχανίας συνέρχεται σήμερον ὑπὸ τὴν προεδρίαν τοῦ ὑπουργοῦ.

Η ΕΚΚΛΗΣΙΑΣΤΙΚΗ ΣΧΟΛΗ ΤΗΣ ΘΕΣΣΑΛΟΝΙΚΗΣ

Ἀρχίζουν αἱ ἐγγραφαὶ εἰς τὴν Ἐκκλησιαστικὴν Σχολὴν Θεσσαλονίκης.
